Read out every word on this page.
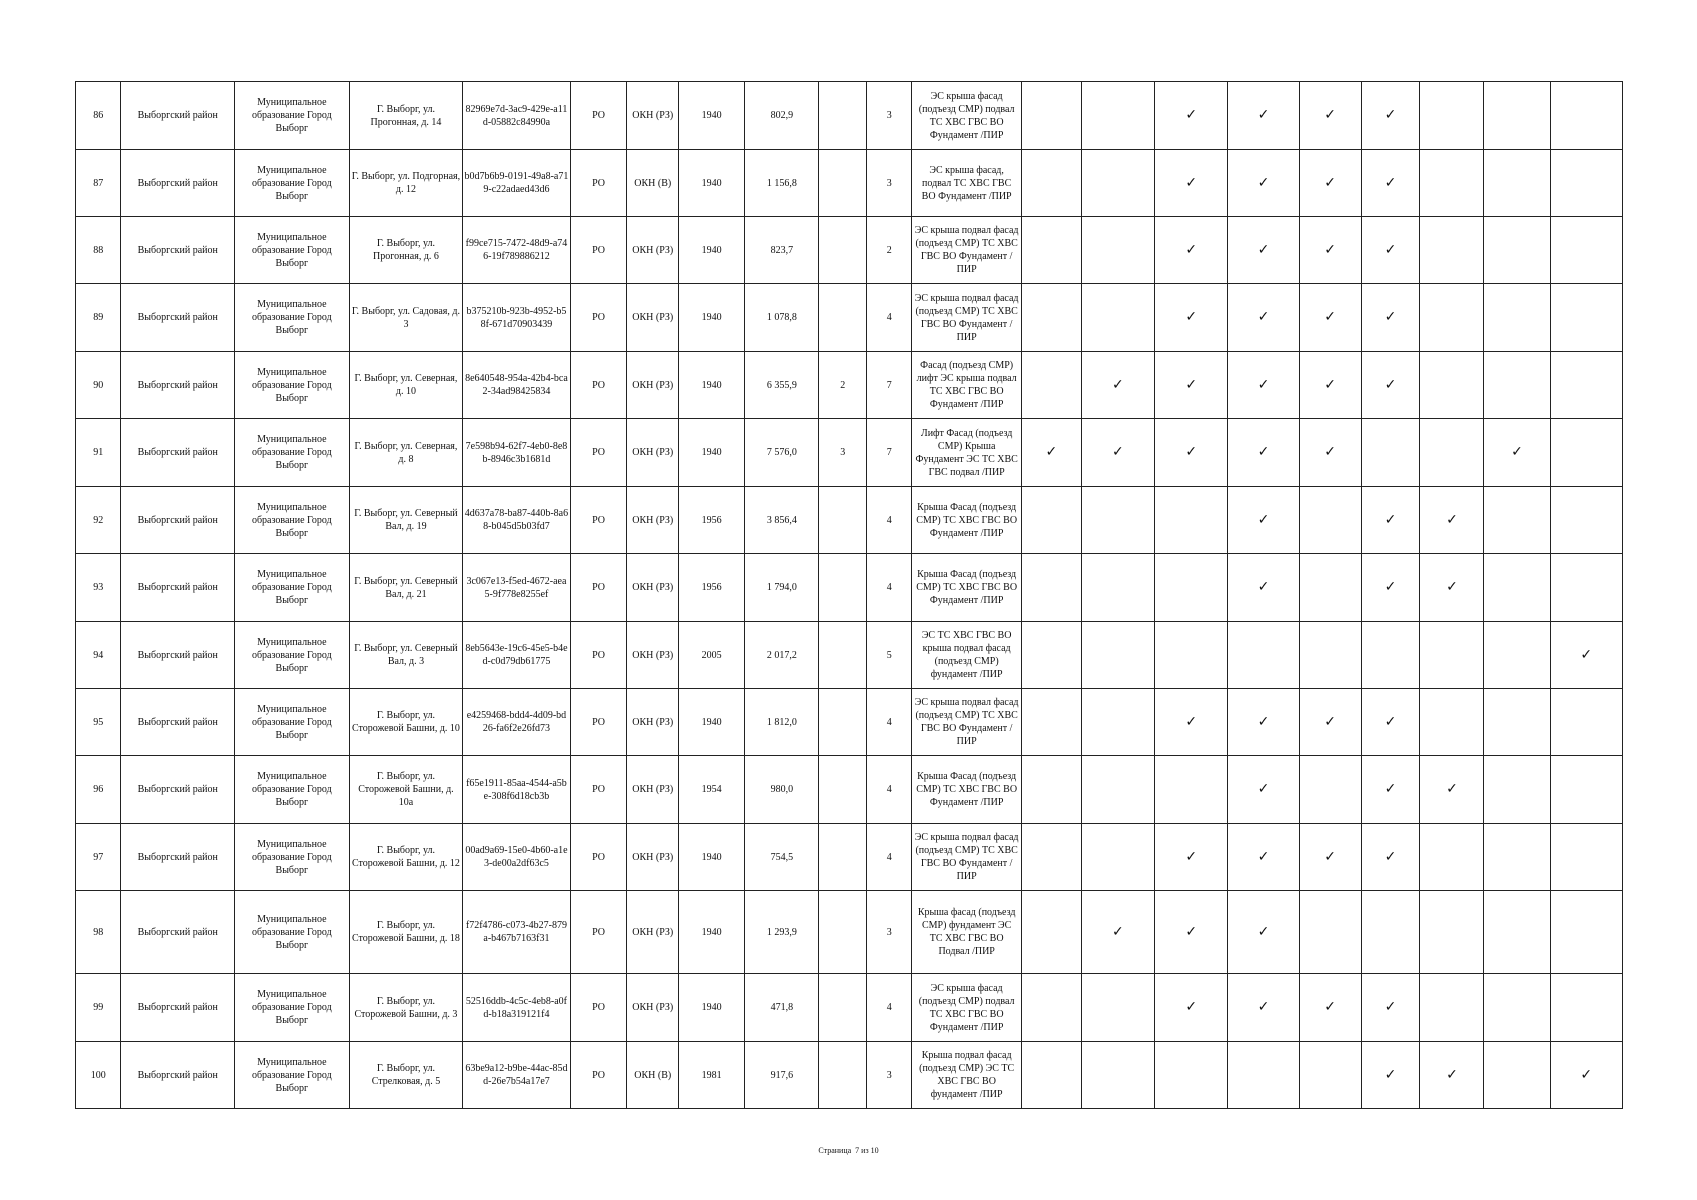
86	Выборгский район	Муниципальное образование Город Выборг	Г. Выборг, ул. Прогонная, д. 14	82969e7d-3ac9-429e-a11d-05882c84990a	РО	ОКН (РЗ)	1940	802,9		3	ЭС крыша фасад (подъезд СМР) подвал ТС ХВС ГВС ВО Фундамент /ПИР			✓	✓	✓	✓			
87	Выборгский район	Муниципальное образование Город Выборг	Г. Выборг, ул. Подгорная, д. 12	b0d7b6b9-0191-49a8-a719-c22adaed43d6	РО	ОКН (В)	1940	1 156,8		3	ЭС крыша фасад, подвал ТС ХВС ГВС ВО Фундамент /ПИР			✓	✓	✓	✓			
88	Выборгский район	Муниципальное образование Город Выборг	Г. Выборг, ул. Прогонная, д. 6	f99ce715-7472-48d9-a746-19f789886212	РО	ОКН (РЗ)	1940	823,7		2	ЭС крыша подвал фасад (подъезд СМР) ТС ХВС ГВС ВО Фундамент /ПИР			✓	✓	✓	✓			
89	Выборгский район	Муниципальное образование Город Выборг	Г. Выборг, ул. Садовая, д. 3	b375210b-923b-4952-b58f-671d70903439	РО	ОКН (РЗ)	1940	1 078,8		4	ЭС крыша подвал фасад (подъезд СМР) ТС ХВС ГВС ВО Фундамент /ПИР			✓	✓	✓	✓			
90	Выборгский район	Муниципальное образование Город Выборг	Г. Выборг, ул. Северная, д. 10	8e640548-954a-42b4-bca2-34ad98425834	РО	ОКН (РЗ)	1940	6 355,9	2	7	Фасад (подъезд СМР) лифт ЭС крыша подвал ТС ХВС ГВС ВО Фундамент /ПИР		✓	✓	✓	✓	✓			
91	Выборгский район	Муниципальное образование Город Выборг	Г. Выборг, ул. Северная, д. 8	7e598b94-62f7-4eb0-8e8b-8946c3b1681d	РО	ОКН (РЗ)	1940	7 576,0	3	7	Лифт Фасад (подъезд СМР) Крыша Фундамент ЭС ТС ХВС ГВС подвал /ПИР	✓	✓	✓	✓	✓			✓	
92	Выборгский район	Муниципальное образование Город Выборг	Г. Выборг, ул. Северный Вал, д. 19	4d637a78-ba87-440b-8a68-b045d5b03fd7	РО	ОКН (РЗ)	1956	3 856,4		4	Крыша Фасад (подъезд СМР) ТС ХВС ГВС ВО Фундамент /ПИР				✓		✓	✓		
93	Выборгский район	Муниципальное образование Город Выборг	Г. Выборг, ул. Северный Вал, д. 21	3c067e13-f5ed-4672-aea5-9f778e8255ef	РО	ОКН (РЗ)	1956	1 794,0		4	Крыша Фасад (подъезд СМР) ТС ХВС ГВС ВО Фундамент /ПИР				✓		✓	✓		
94	Выборгский район	Муниципальное образование Город Выборг	Г. Выборг, ул. Северный Вал, д. 3	8eb5643e-19c6-45e5-b4ed-c0d79db61775	РО	ОКН (РЗ)	2005	2 017,2		5	ЭС ТС ХВС ГВС ВО крыша подвал фасад (подъезд СМР) фундамент /ПИР									✓
95	Выборгский район	Муниципальное образование Город Выборг	Г. Выборг, ул. Сторожевой Башни, д. 10	e4259468-bdd4-4d09-bd26-fa6f2e26fd73	РО	ОКН (РЗ)	1940	1 812,0		4	ЭС крыша подвал фасад (подъезд СМР) ТС ХВС ГВС ВО Фундамент /ПИР			✓	✓	✓	✓			
96	Выборгский район	Муниципальное образование Город Выборг	Г. Выборг, ул. Сторожевой Башни, д. 10а	f65e1911-85aa-4544-a5be-308f6d18cb3b	РО	ОКН (РЗ)	1954	980,0		4	Крыша Фасад (подъезд СМР) ТС ХВС ГВС ВО Фундамент /ПИР				✓		✓	✓		
97	Выборгский район	Муниципальное образование Город Выборг	Г. Выборг, ул. Сторожевой Башни, д. 12	00ad9a69-15e0-4b60-a1e3-de00a2df63c5	РО	ОКН (РЗ)	1940	754,5		4	ЭС крыша подвал фасад (подъезд СМР) ТС ХВС ГВС ВО Фундамент /ПИР			✓	✓	✓	✓			
98	Выборгский район	Муниципальное образование Город Выборг	Г. Выборг, ул. Сторожевой Башни, д. 18	f72f4786-c073-4b27-879a-b467b7163f31	РО	ОКН (РЗ)	1940	1 293,9		3	Крыша фасад (подъезд СМР) фундамент ЭС ТС ХВС ГВС ВО Подвал /ПИР		✓	✓	✓					
99	Выборгский район	Муниципальное образование Город Выборг	Г. Выборг, ул. Сторожевой Башни, д. 3	52516ddb-4c5c-4eb8-a0fd-b18a319121f4	РО	ОКН (РЗ)	1940	471,8		4	ЭС крыша фасад (подъезд СМР) подвал ТС ХВС ГВС ВО Фундамент /ПИР			✓	✓	✓	✓			
100	Выборгский район	Муниципальное образование Город Выборг	Г. Выборг, ул. Стрелковая, д. 5	63be9a12-b9be-44ac-85dd-26e7b54a17e7	РО	ОКН (В)	1981	917,6		3	Крыша подвал фасад (подъезд СМР) ЭС ТС ХВС ГВС ВО фундамент /ПИР						✓	✓		✓
Страница 7 из 10
